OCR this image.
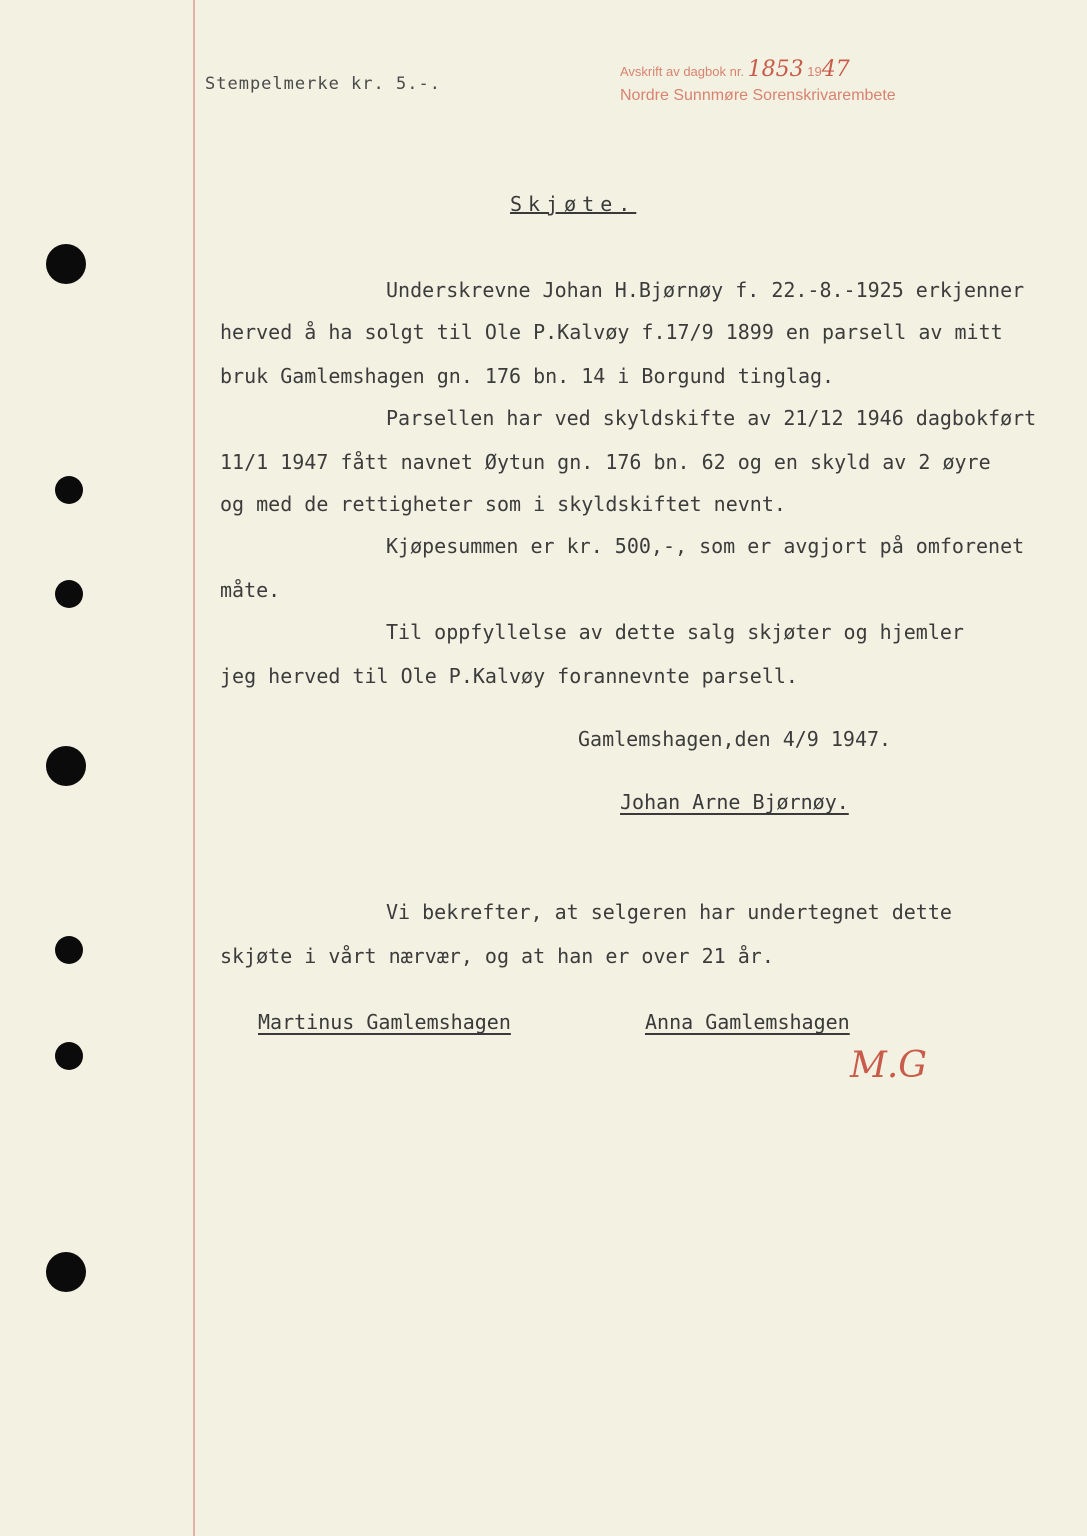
Stempelmerke kr. 5.-.
Avskrift av dagbok nr. 1853 1947
Nordre Sunnmøre Sorenskrivarembete
Skjøte.
Underskrevne Johan H.Bjørnøy f. 22.-8.-1925 erkjenner
herved å ha solgt til Ole P.Kalvøy f.17/9 1899 en parsell av mitt
bruk Gamlemshagen gn. 176 bn. 14 i Borgund tinglag.
Parsellen har ved skyldskifte av 21/12 1946 dagbokført
11/1 1947 fått navnet Øytun gn. 176 bn. 62 og en skyld av 2 øyre
og med de rettigheter som i skyldskiftet nevnt.
Kjøpesummen er kr. 500,-, som er avgjort på omforenet
måte.
Til oppfyllelse av dette salg skjøter og hjemler
jeg herved til Ole P.Kalvøy forannevnte parsell.
Gamlemshagen,den 4/9 1947.
Johan Arne Bjørnøy.
Vi bekrefter, at selgeren har undertegnet dette
skjøte i vårt nærvær, og at han er over 21 år.
Martinus Gamlemshagen	Anna Gamlemshagen
M.G
